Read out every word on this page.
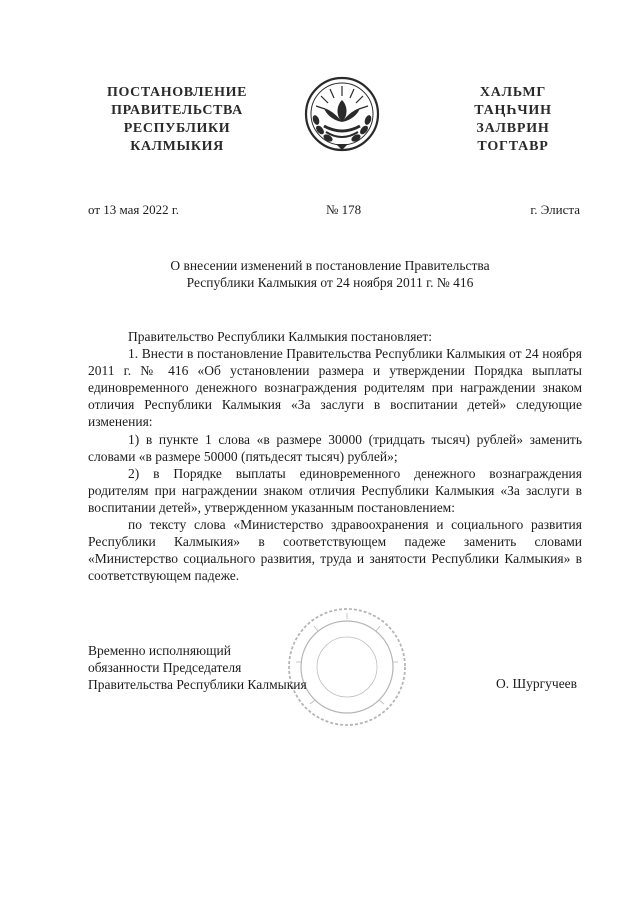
ПОСТАНОВЛЕНИЕ
ПРАВИТЕЛЬСТВА
РЕСПУБЛИКИ
КАЛМЫКИЯ
ХАЛЬМГ
ТАҢҺЧИН
ЗАЛВРИН
ТОГТАВР
от 13 мая 2022 г.	№ 178	г. Элиста
О внесении изменений в постановление Правительства
Республики Калмыкия от 24 ноября 2011 г. № 416

Правительство Республики Калмыкия постановляет:

1. Внести в постановление Правительства Республики Калмыкия от 24 ноября 2011 г. № 416 «Об установлении размера и утверждении Порядка выплаты единовременного денежного вознаграждения родителям при награждении знаком отличия Республики Калмыкия «За заслуги в воспитании детей» следующие изменения:

1) в пункте 1 слова «в размере 30000 (тридцать тысяч) рублей» заменить словами «в размере 50000 (пятьдесят тысяч) рублей»;

2) в Порядке выплаты единовременного денежного вознаграждения родителям при награждении знаком отличия Республики Калмыкия «За заслуги в воспитании детей», утвержденном указанным постановлением:

по тексту слова «Министерство здравоохранения и социального развития Республики Калмыкия» в соответствующем падеже заменить словами «Министерство социального развития, труда и занятости Республики Калмыкия» в соответствующем падеже.

Временно исполняющий
обязанности Председателя
Правительства Республики Калмыкия	О. Шургучеев
